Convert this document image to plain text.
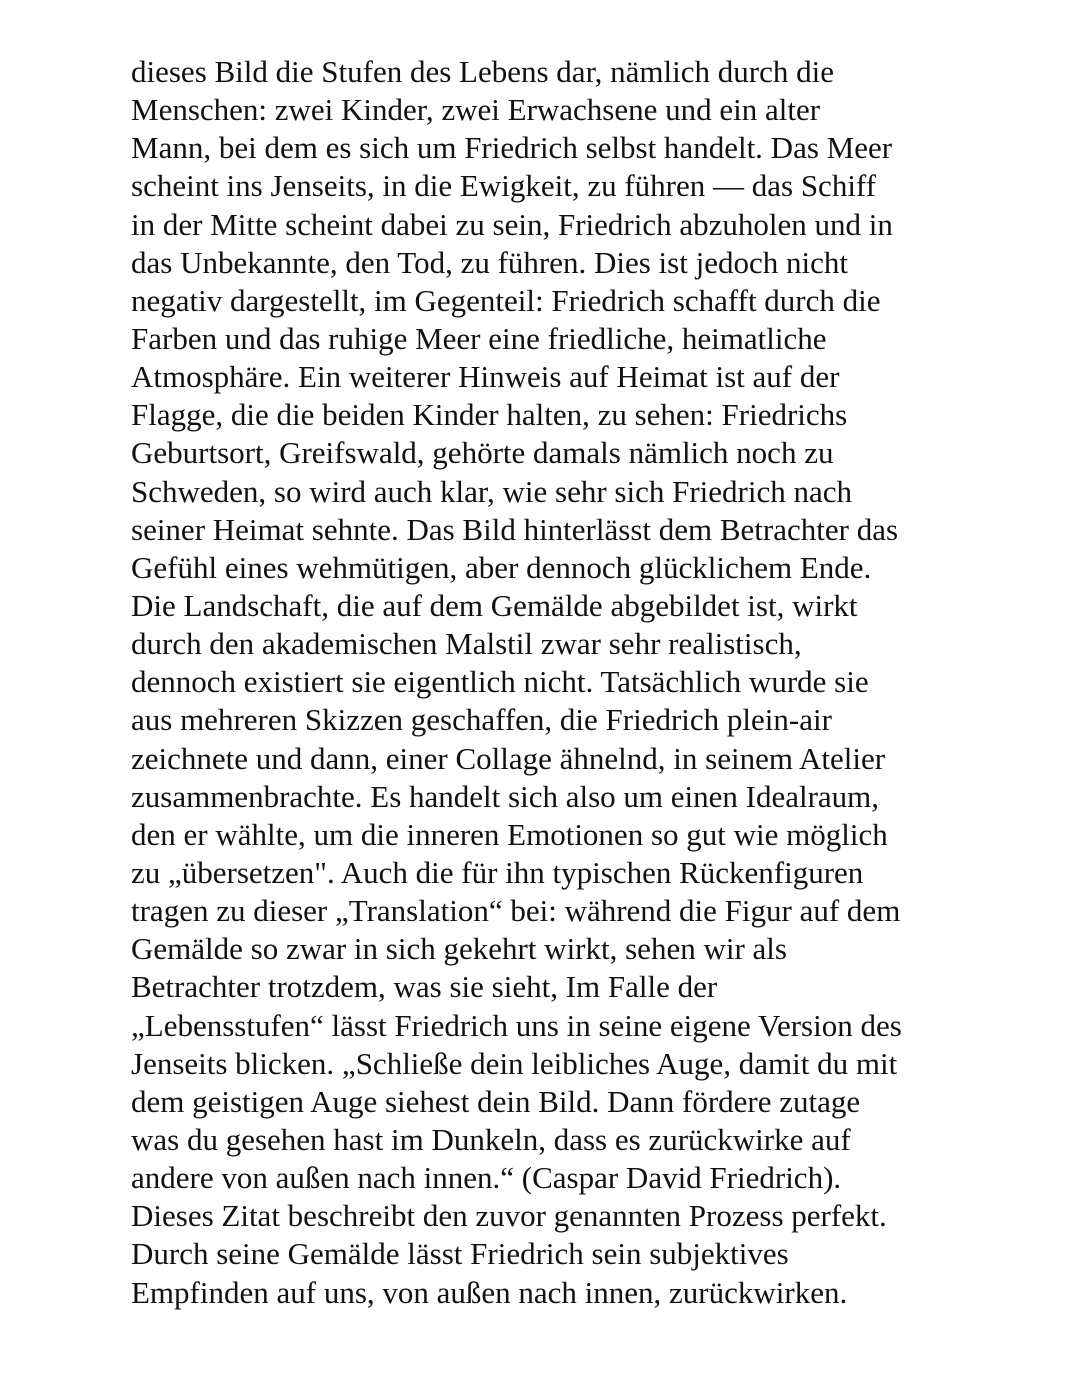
dieses Bild die Stufen des Lebens dar, nämlich durch die
Menschen: zwei Kinder, zwei Erwachsene und ein alter
Mann, bei dem es sich um Friedrich selbst handelt. Das Meer
scheint ins Jenseits, in die Ewigkeit, zu führen — das Schiff
in der Mitte scheint dabei zu sein, Friedrich abzuholen und in
das Unbekannte, den Tod, zu führen. Dies ist jedoch nicht
negativ dargestellt, im Gegenteil: Friedrich schafft durch die
Farben und das ruhige Meer eine friedliche, heimatliche
Atmosphäre. Ein weiterer Hinweis auf Heimat ist auf der
Flagge, die die beiden Kinder halten, zu sehen: Friedrichs
Geburtsort, Greifswald, gehörte damals nämlich noch zu
Schweden, so wird auch klar, wie sehr sich Friedrich nach
seiner Heimat sehnte. Das Bild hinterlässt dem Betrachter das
Gefühl eines wehmütigen, aber dennoch glücklichem Ende.
Die Landschaft, die auf dem Gemälde abgebildet ist, wirkt
durch den akademischen Malstil zwar sehr realistisch,
dennoch existiert sie eigentlich nicht. Tatsächlich wurde sie
aus mehreren Skizzen geschaffen, die Friedrich plein-air
zeichnete und dann, einer Collage ähnelnd, in seinem Atelier
zusammenbrachte. Es handelt sich also um einen Idealraum,
den er wählte, um die inneren Emotionen so gut wie möglich
zu „übersetzen". Auch die für ihn typischen Rückenfiguren
tragen zu dieser „Translation“ bei: während die Figur auf dem
Gemälde so zwar in sich gekehrt wirkt, sehen wir als
Betrachter trotzdem, was sie sieht, Im Falle der
„Lebensstufen“ lässt Friedrich uns in seine eigene Version des
Jenseits blicken. „Schließe dein leibliches Auge, damit du mit
dem geistigen Auge siehest dein Bild. Dann fördere zutage
was du gesehen hast im Dunkeln, dass es zurückwirke auf
andere von außen nach innen.“ (Caspar David Friedrich).
Dieses Zitat beschreibt den zuvor genannten Prozess perfekt.
Durch seine Gemälde lässt Friedrich sein subjektives
Empfinden auf uns, von außen nach innen, zurückwirken.
